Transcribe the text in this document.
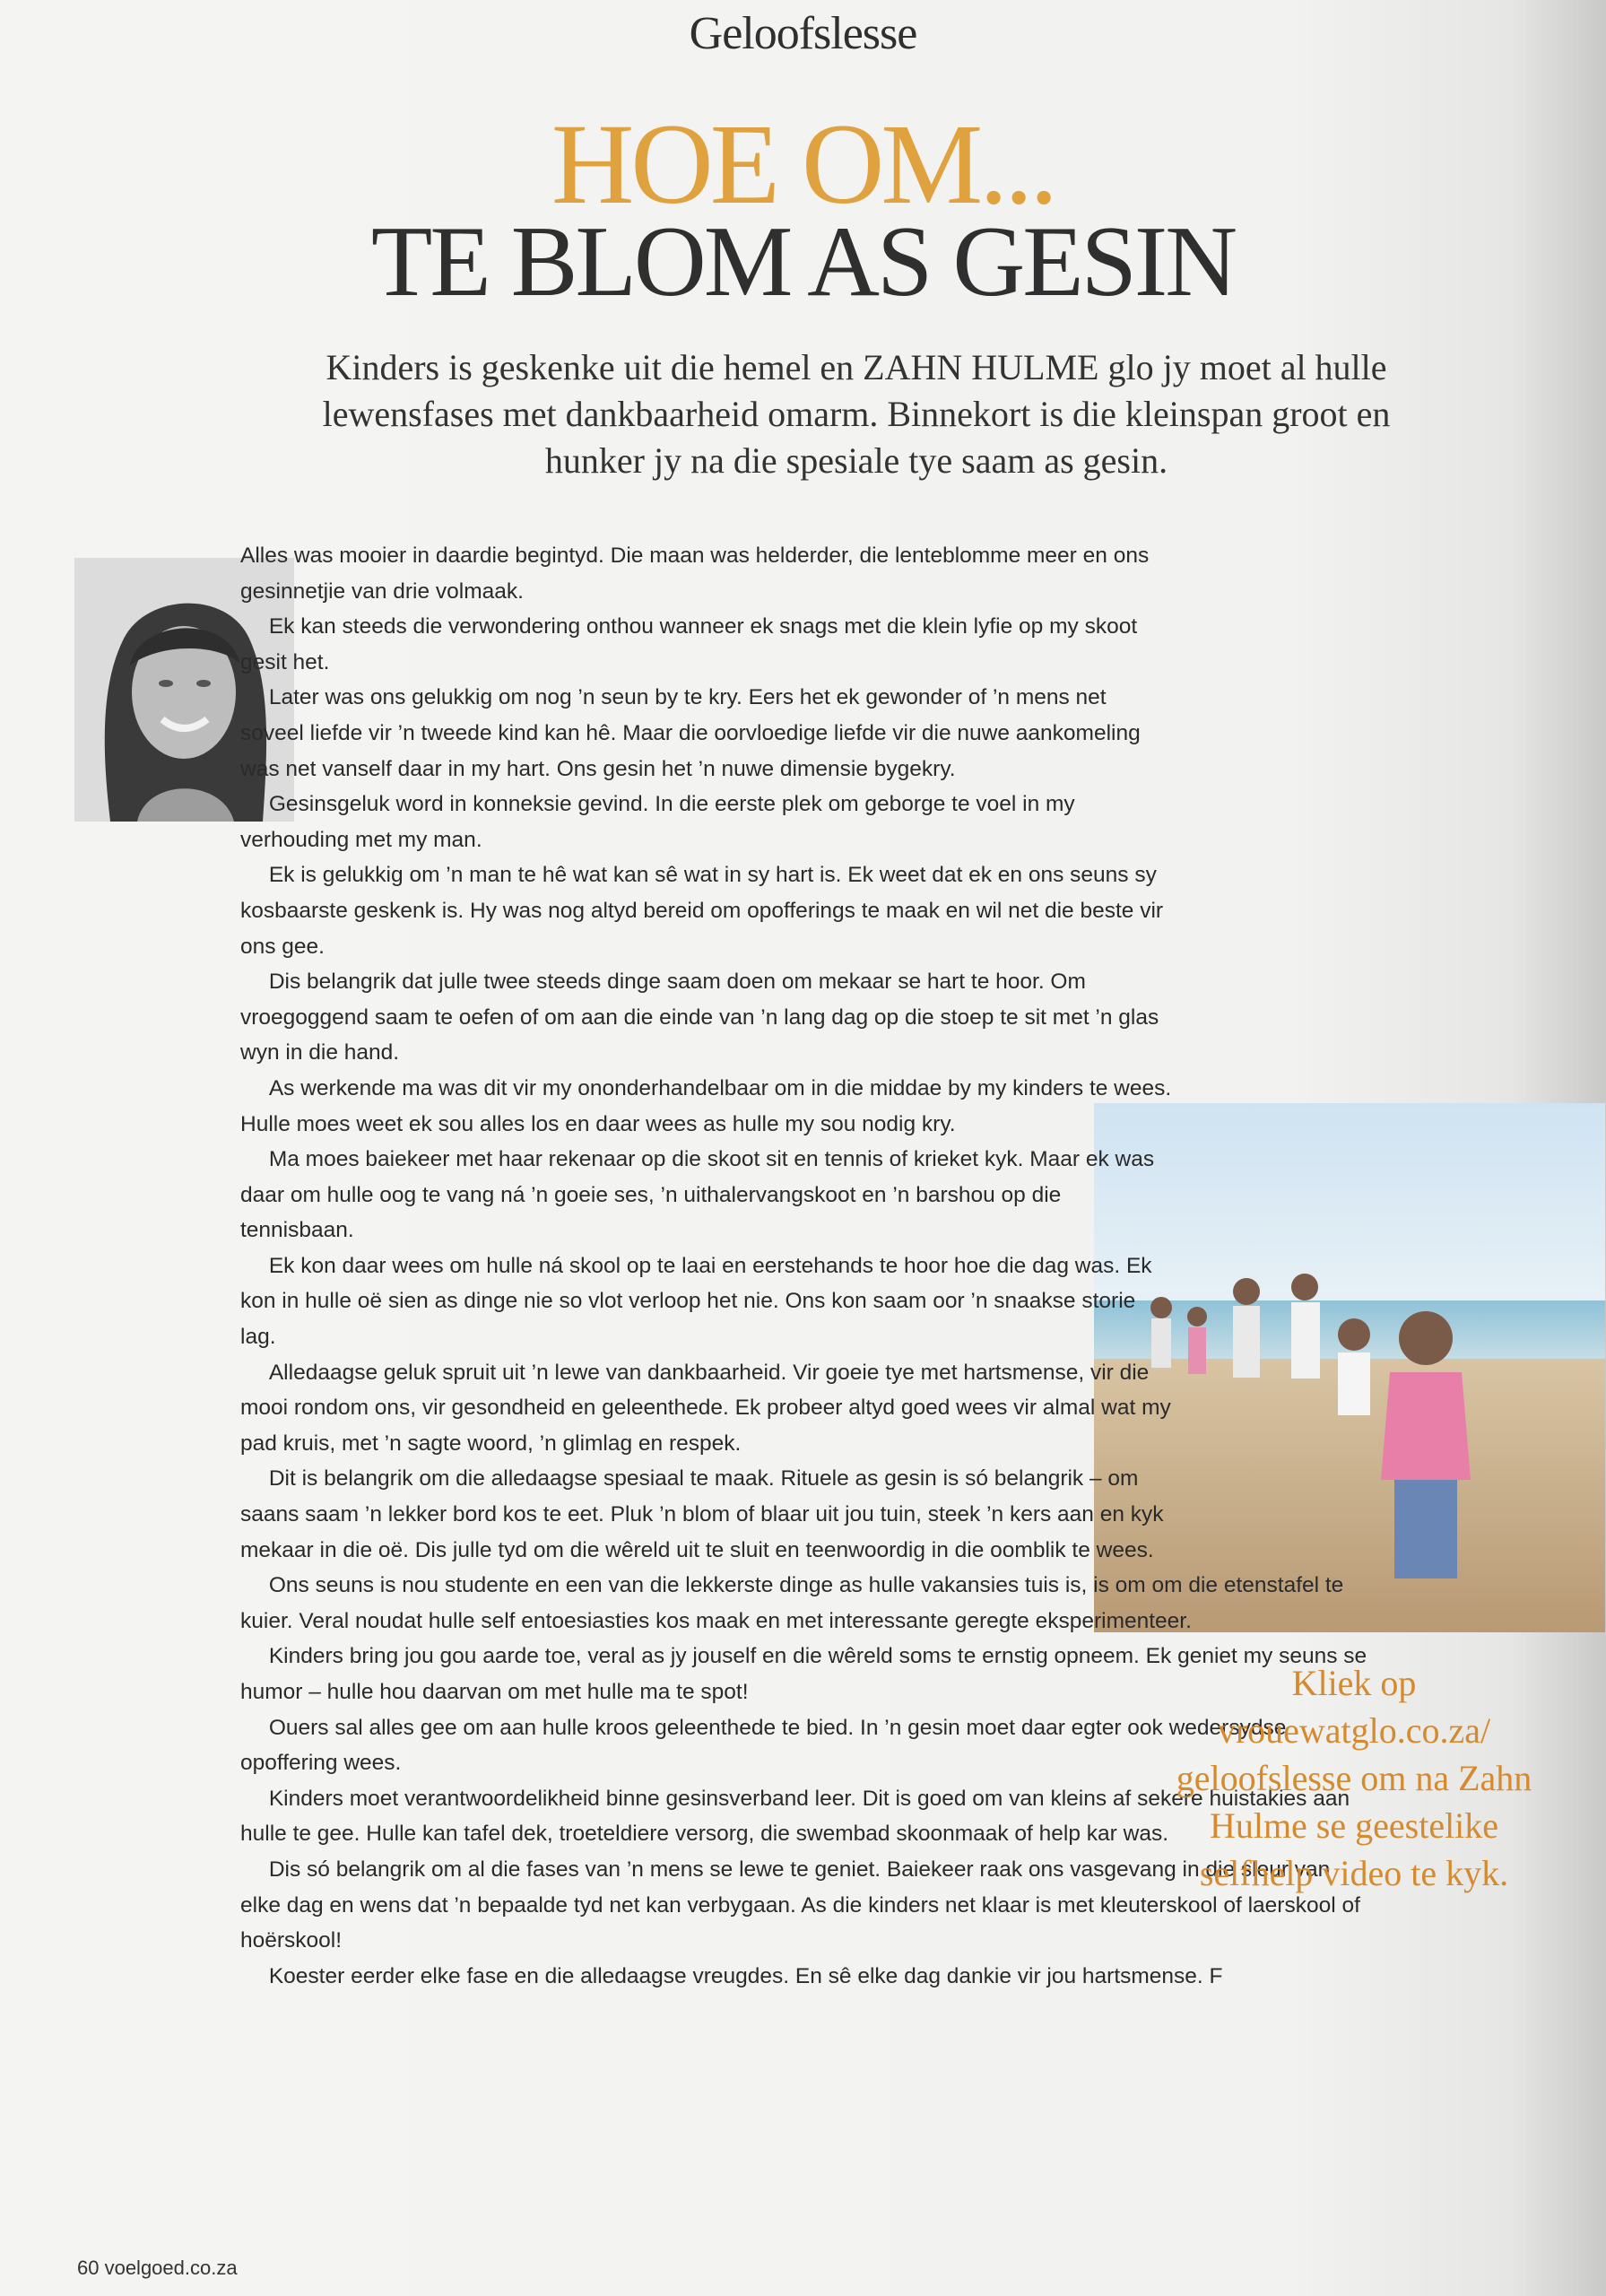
Geloofslesse
HOE OM...
TE BLOM AS GESIN
Kinders is geskenke uit die hemel en ZAHN HULME glo jy moet al hulle lewensfases met dankbaarheid omarm. Binnekort is die kleinspan groot en hunker jy na die spesiale tye saam as gesin.

Alles was mooier in daardie begintyd. Die maan was helderder, die lenteblomme meer en ons gesinnetjie van drie volmaak.

Ek kan steeds die verwondering onthou wanneer ek snags met die klein lyfie op my skoot gesit het.

Later was ons gelukkig om nog ’n seun by te kry. Eers het ek gewonder of ’n mens net soveel liefde vir ’n tweede kind kan hê. Maar die oorvloedige liefde vir die nuwe aankomeling was net vanself daar in my hart. Ons gesin het ’n nuwe dimensie bygekry.

Gesinsgeluk word in konneksie gevind. In die eerste plek om geborge te voel in my verhouding met my man.

Ek is gelukkig om ’n man te hê wat kan sê wat in sy hart is. Ek weet dat ek en ons seuns sy kosbaarste geskenk is. Hy was nog altyd bereid om opofferings te maak en wil net die beste vir ons gee.

Dis belangrik dat julle twee steeds dinge saam doen om mekaar se hart te hoor. Om vroegoggend saam te oefen of om aan die einde van ’n lang dag op die stoep te sit met ’n glas wyn in die hand.

As werkende ma was dit vir my ononderhandelbaar om in die middae by my kinders te wees. Hulle moes weet ek sou alles los en daar wees as hulle my sou nodig kry.

Ma moes baiekeer met haar rekenaar op die skoot sit en tennis of krieket kyk. Maar ek was daar om hulle oog te vang ná ’n goeie ses, ’n uithalervangskoot en ’n barshou op die tennisbaan.

Ek kon daar wees om hulle ná skool op te laai en eerstehands te hoor hoe die dag was. Ek kon in hulle oë sien as dinge nie so vlot verloop het nie. Ons kon saam oor ’n snaakse storie lag.

Alledaagse geluk spruit uit ’n lewe van dankbaarheid. Vir goeie tye met hartsmense, vir die mooi rondom ons, vir gesondheid en geleenthede. Ek probeer altyd goed wees vir almal wat my pad kruis, met ’n sagte woord, ’n glimlag en respek.

Dit is belangrik om die alledaagse spesiaal te maak. Rituele as gesin is só belangrik – om saans saam ’n lekker bord kos te eet. Pluk ’n blom of blaar uit jou tuin, steek ’n kers aan en kyk mekaar in die oë. Dis julle tyd om die wêreld uit te sluit en teenwoordig in die oomblik te wees.

Ons seuns is nou studente en een van die lekkerste dinge as hulle vakansies tuis is, is om om die etenstafel te kuier. Veral noudat hulle self entoesiasties kos maak en met interessante geregte eksperimenteer.

Kinders bring jou gou aarde toe, veral as jy jouself en die wêreld soms te ernstig opneem. Ek geniet my seuns se humor – hulle hou daarvan om met hulle ma te spot!

Ouers sal alles gee om aan hulle kroos geleenthede te bied. In ’n gesin moet daar egter ook wedersydse opoffering wees.

Kinders moet verantwoordelikheid binne gesinsverband leer. Dit is goed om van kleins af sekere huistakies aan hulle te gee. Hulle kan tafel dek, troeteldiere versorg, die swembad skoonmaak of help kar was.

Dis só belangrik om al die fases van ’n mens se lewe te geniet. Baiekeer raak ons vasgevang in die sleur van elke dag en wens dat ’n bepaalde tyd net kan verbygaan. As die kinders net klaar is met kleuterskool of laerskool of hoërskool!

Koester eerder elke fase en die alledaagse vreugdes. En sê elke dag dankie vir jou hartsmense. F

Kliek op vrouewatglo.co.za/ geloofslesse om na Zahn Hulme se geestelike selfhelp video te kyk.
60 voelgoed.co.za
